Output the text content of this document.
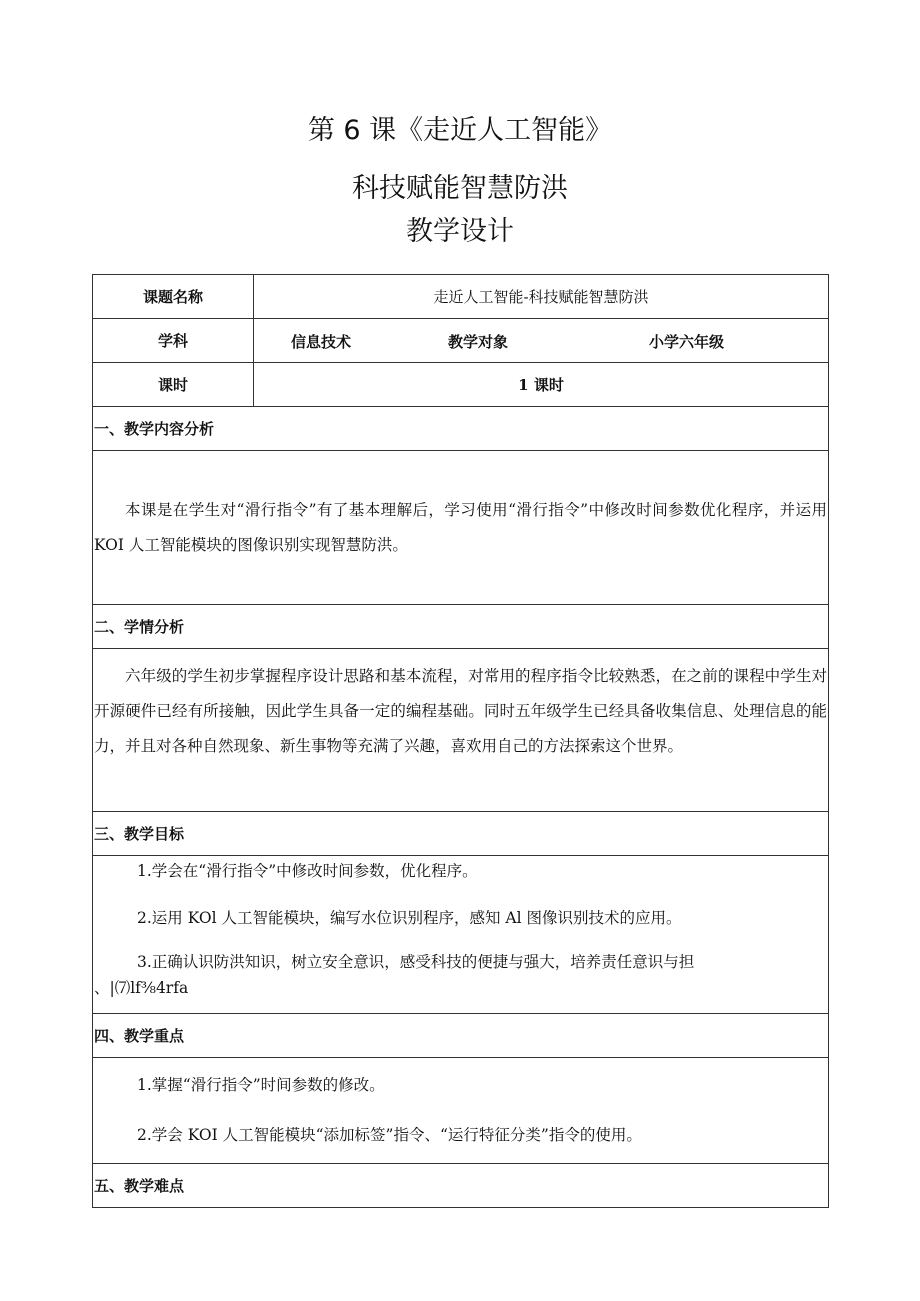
第 6 课《走近人工智能》
科技赋能智慧防洪
教学设计
课题名称	走近人工智能-科技赋能智慧防洪
学科	信息技术 教学对象 小学六年级

课时	1 课时
一、教学内容分析	

本课是在学生对“滑行指令”有了基本理解后，学习使用“滑行指令”中修改时间参数优化程序，并运用 KOI 人工智能模块的图像识别实现智慧防洪。	

二、学情分析	

六年级的学生初步掌握程序设计思路和基本流程，对常用的程序指令比较熟悉，在之前的课程中学生对开源硬件已经有所接触，因此学生具备一定的编程基础。同时五年级学生已经具备收集信息、处理信息的能力，并且对各种自然现象、新生事物等充满了兴趣，喜欢用自己的方法探索这个世界。	

三、教学目标	

1.学会在“滑行指令”中修改时间参数，优化程序。

2.运用 KOl 人工智能模块，编写水位识别程序，感知 Al 图像识别技术的应用。

3.正确认识防洪知识，树立安全意识，感受科技的便捷与强大，培养责任意识与担

、|⑺lf⅜4rfa	

四、教学重点	

1.掌握“滑行指令”时间参数的修改。

2.学会 KOI 人工智能模块“添加标签”指令、“运行特征分类”指令的使用。	

五、教学难点	
